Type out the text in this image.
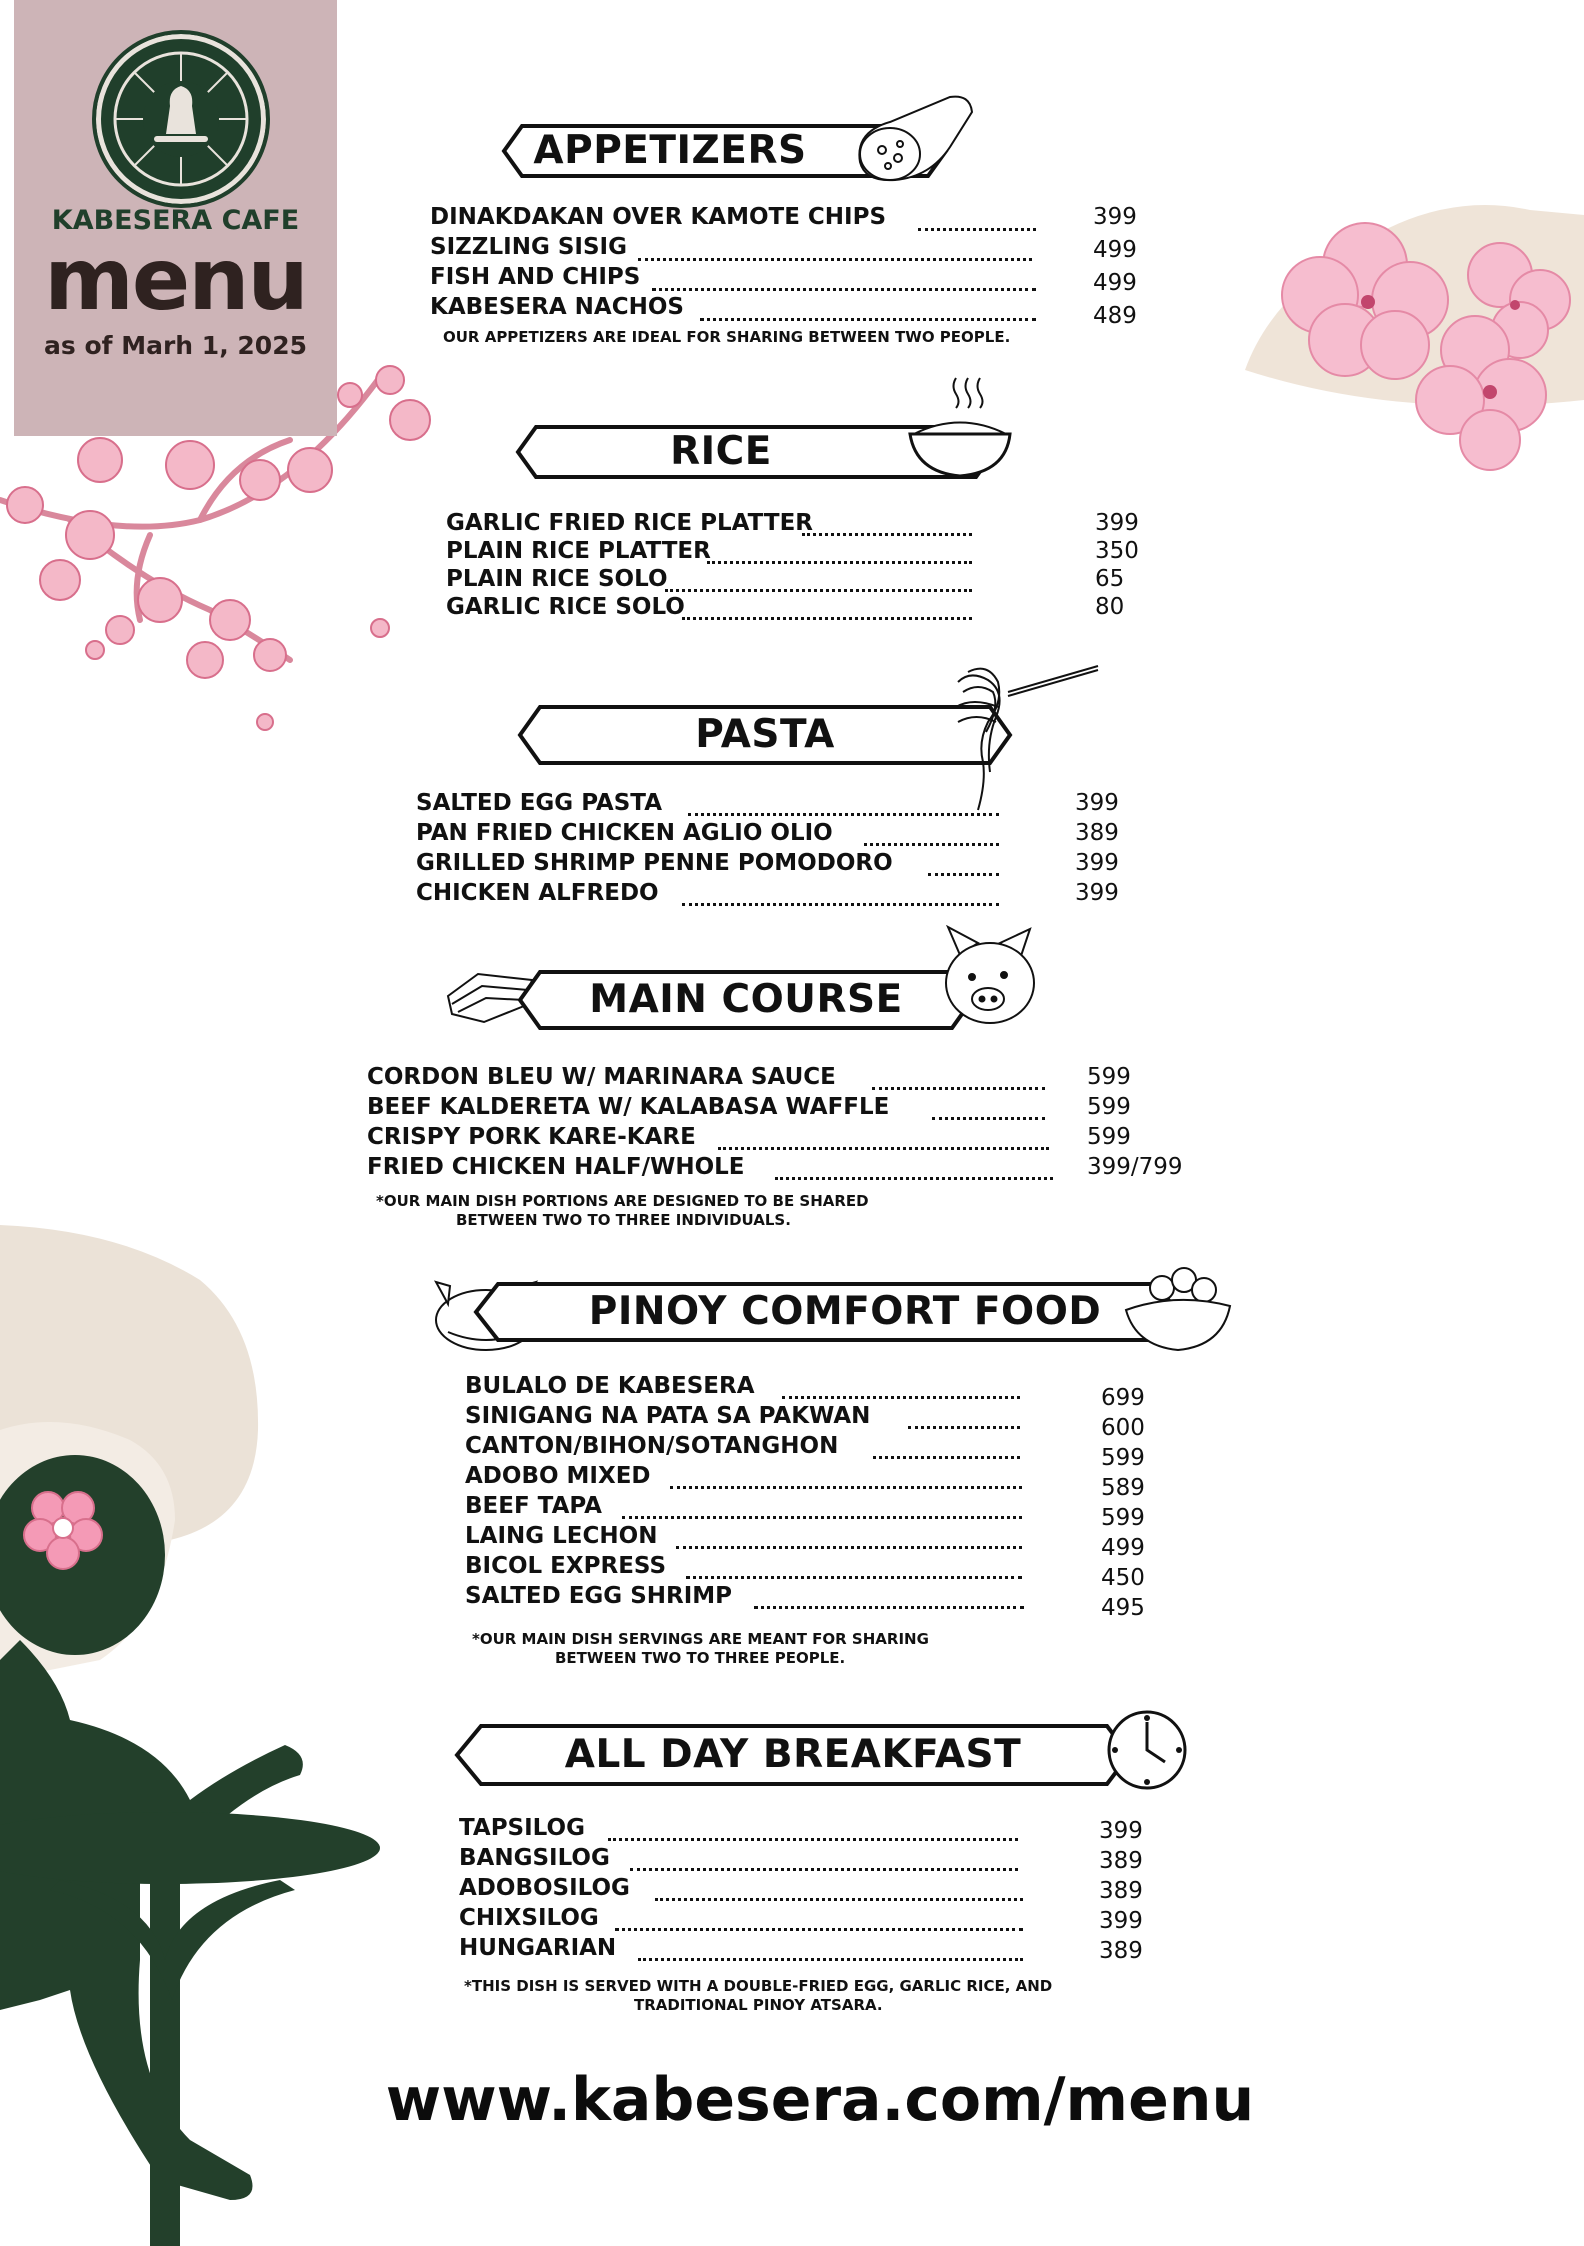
KABESERA CAFE
menu
as of Marh 1, 2025
APPETIZERS
DINAKDAKAN OVER KAMOTE CHIPS	399
SIZZLING SISIG	499
FISH AND CHIPS	499
KABESERA NACHOS	489
OUR APPETIZERS ARE IDEAL FOR SHARING BETWEEN TWO PEOPLE.
RICE
GARLIC FRIED RICE PLATTER	399
PLAIN RICE PLATTER	350
PLAIN RICE SOLO	65
GARLIC RICE SOLO	80
PASTA
SALTED EGG PASTA	399
PAN FRIED CHICKEN AGLIO OLIO	389
GRILLED SHRIMP PENNE POMODORO	399
CHICKEN ALFREDO	399
MAIN COURSE
CORDON BLEU W/ MARINARA SAUCE	599
BEEF KALDERETA W/ KALABASA WAFFLE	599
CRISPY PORK KARE-KARE	599
FRIED CHICKEN HALF/WHOLE	399/799
*OUR MAIN DISH PORTIONS ARE DESIGNED TO BE SHARED
BETWEEN TWO TO THREE INDIVIDUALS.
PINOY COMFORT FOOD
BULALO DE KABESERA	699
SINIGANG NA PATA SA PAKWAN	600
CANTON/BIHON/SOTANGHON	599
ADOBO MIXED	589
BEEF TAPA	599
LAING LECHON	499
BICOL EXPRESS	450
SALTED EGG SHRIMP	495
*OUR MAIN DISH SERVINGS ARE MEANT FOR SHARING
BETWEEN TWO TO THREE PEOPLE.
ALL DAY BREAKFAST
TAPSILOG	399
BANGSILOG	389
ADOBOSILOG	389
CHIXSILOG	399
HUNGARIAN	389
*THIS DISH IS SERVED WITH A DOUBLE-FRIED EGG, GARLIC RICE, AND
TRADITIONAL PINOY ATSARA.
www.kabesera.com/menu
